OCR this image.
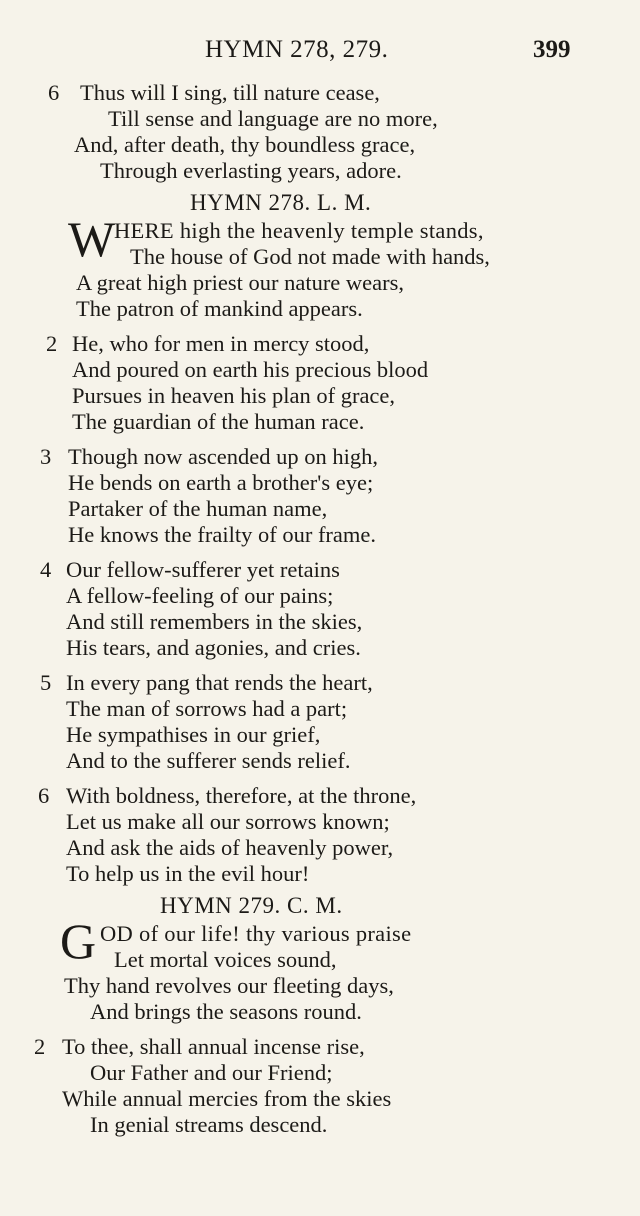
HYMN 278, 279.	399
6 Thus will I sing, till nature cease,
Till sense and language are no more,
And, after death, thy boundless grace,
Through everlasting years, adore.
HYMN 278. L. M.
W
HERE high the heavenly temple stands,
The house of God not made with hands,
A great high priest our nature wears,
The patron of mankind appears.
2 He, who for men in mercy stood,
And poured on earth his precious blood
Pursues in heaven his plan of grace,
The guardian of the human race.
3 Though now ascended up on high,
He bends on earth a brother's eye;
Partaker of the human name,
He knows the frailty of our frame.
4 Our fellow-sufferer yet retains
A fellow-feeling of our pains;
And still remembers in the skies,
His tears, and agonies, and cries.
5 In every pang that rends the heart,
The man of sorrows had a part;
He sympathises in our grief,
And to the sufferer sends relief.
6 With boldness, therefore, at the throne,
Let us make all our sorrows known;
And ask the aids of heavenly power,
To help us in the evil hour!
HYMN 279. C. M.
G OD of our life! thy various praise
Let mortal voices sound,
Thy hand revolves our fleeting days,
And brings the seasons round.
2 To thee, shall annual incense rise,
Our Father and our Friend;
While annual mercies from the skies
In genial streams descend.
